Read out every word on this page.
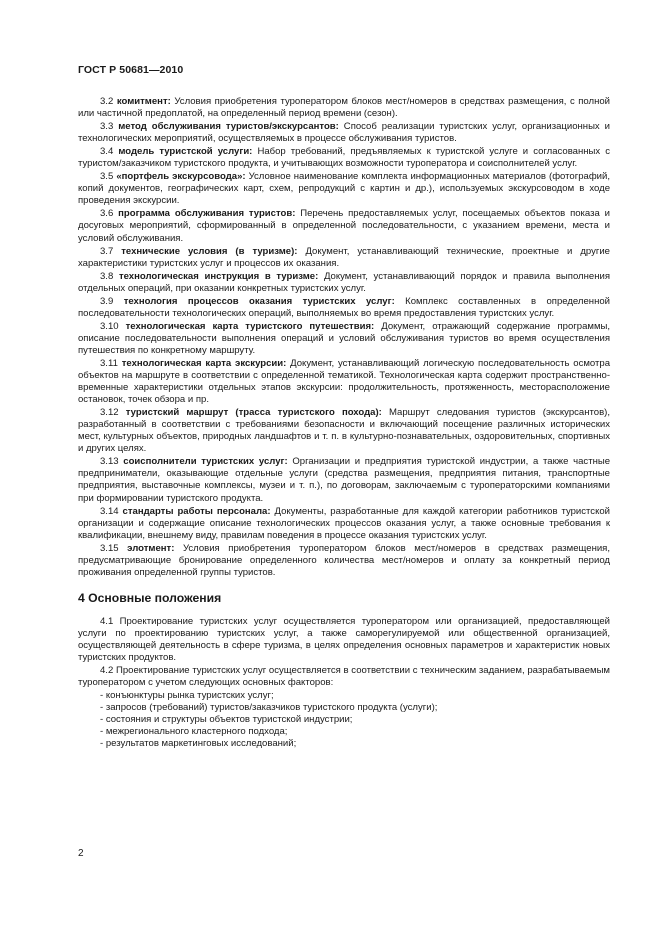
ГОСТ Р 50681—2010

3.2 комитмент: Условия приобретения туроператором блоков мест/номеров в средствах размещения, с полной или частичной предоплатой, на определенный период времени (сезон).

3.3 метод обслуживания туристов/экскурсантов: Способ реализации туристских услуг, организационных и технологических мероприятий, осуществляемых в процессе обслуживания туристов.

3.4 модель туристской услуги: Набор требований, предъявляемых к туристской услуге и согласованных с туристом/заказчиком туристского продукта, и учитывающих возможности туроператора и соисполнителей услуг.

3.5 «портфель экскурсовода»: Условное наименование комплекта информационных материалов (фотографий, копий документов, географических карт, схем, репродукций с картин и др.), используемых экскурсоводом в ходе проведения экскурсии.

3.6 программа обслуживания туристов: Перечень предоставляемых услуг, посещаемых объектов показа и досуговых мероприятий, сформированный в определенной последовательности, с указанием времени, места и условий обслуживания.

3.7 технические условия (в туризме): Документ, устанавливающий технические, проектные и другие характеристики туристских услуг и процессов их оказания.

3.8 технологическая инструкция в туризме: Документ, устанавливающий порядок и правила выполнения отдельных операций, при оказании конкретных туристских услуг.

3.9 технология процессов оказания туристских услуг: Комплекс составленных в определенной последовательности технологических операций, выполняемых во время предоставления туристских услуг.

3.10 технологическая карта туристского путешествия: Документ, отражающий содержание программы, описание последовательности выполнения операций и условий обслуживания туристов во время осуществления путешествия по конкретному маршруту.

3.11 технологическая карта экскурсии: Документ, устанавливающий логическую последовательность осмотра объектов на маршруте в соответствии с определенной тематикой. Технологическая карта содержит пространственно-временные характеристики отдельных этапов экскурсии: продолжительность, протяженность, месторасположение остановок, точек обзора и пр.

3.12 туристский маршрут (трасса туристского похода): Маршрут следования туристов (экскурсантов), разработанный в соответствии с требованиями безопасности и включающий посещение различных исторических мест, культурных объектов, природных ландшафтов и т. п. в культурно-познавательных, оздоровительных, спортивных и других целях.

3.13 соисполнители туристских услуг: Организации и предприятия туристской индустрии, а также частные предприниматели, оказывающие отдельные услуги (средства размещения, предприятия питания, транспортные предприятия, выставочные комплексы, музеи и т. п.), по договорам, заключаемым с туроператорскими компаниями при формировании туристского продукта.

3.14 стандарты работы персонала: Документы, разработанные для каждой категории работников туристской организации и содержащие описание технологических процессов оказания услуг, а также основные требования к квалификации, внешнему виду, правилам поведения в процессе оказания туристских услуг.

3.15 элотмент: Условия приобретения туроператором блоков мест/номеров в средствах размещения, предусматривающие бронирование определенного количества мест/номеров и оплату за конкретный период проживания определенной группы туристов.

4 Основные положения

4.1 Проектирование туристских услуг осуществляется туроператором или организацией, предоставляющей услуги по проектированию туристских услуг, а также саморегулируемой или общественной организацией, осуществляющей деятельность в сфере туризма, в целях определения основных параметров и характеристик новых туристских продуктов.

4.2 Проектирование туристских услуг осуществляется в соответствии с техническим заданием, разрабатываемым туроператором с учетом следующих основных факторов:

- конъюнктуры рынка туристских услуг;
- запросов (требований) туристов/заказчиков туристского продукта (услуги);
- состояния и структуры объектов туристской индустрии;
- межрегионального кластерного подхода;
- результатов маркетинговых исследований;
2
